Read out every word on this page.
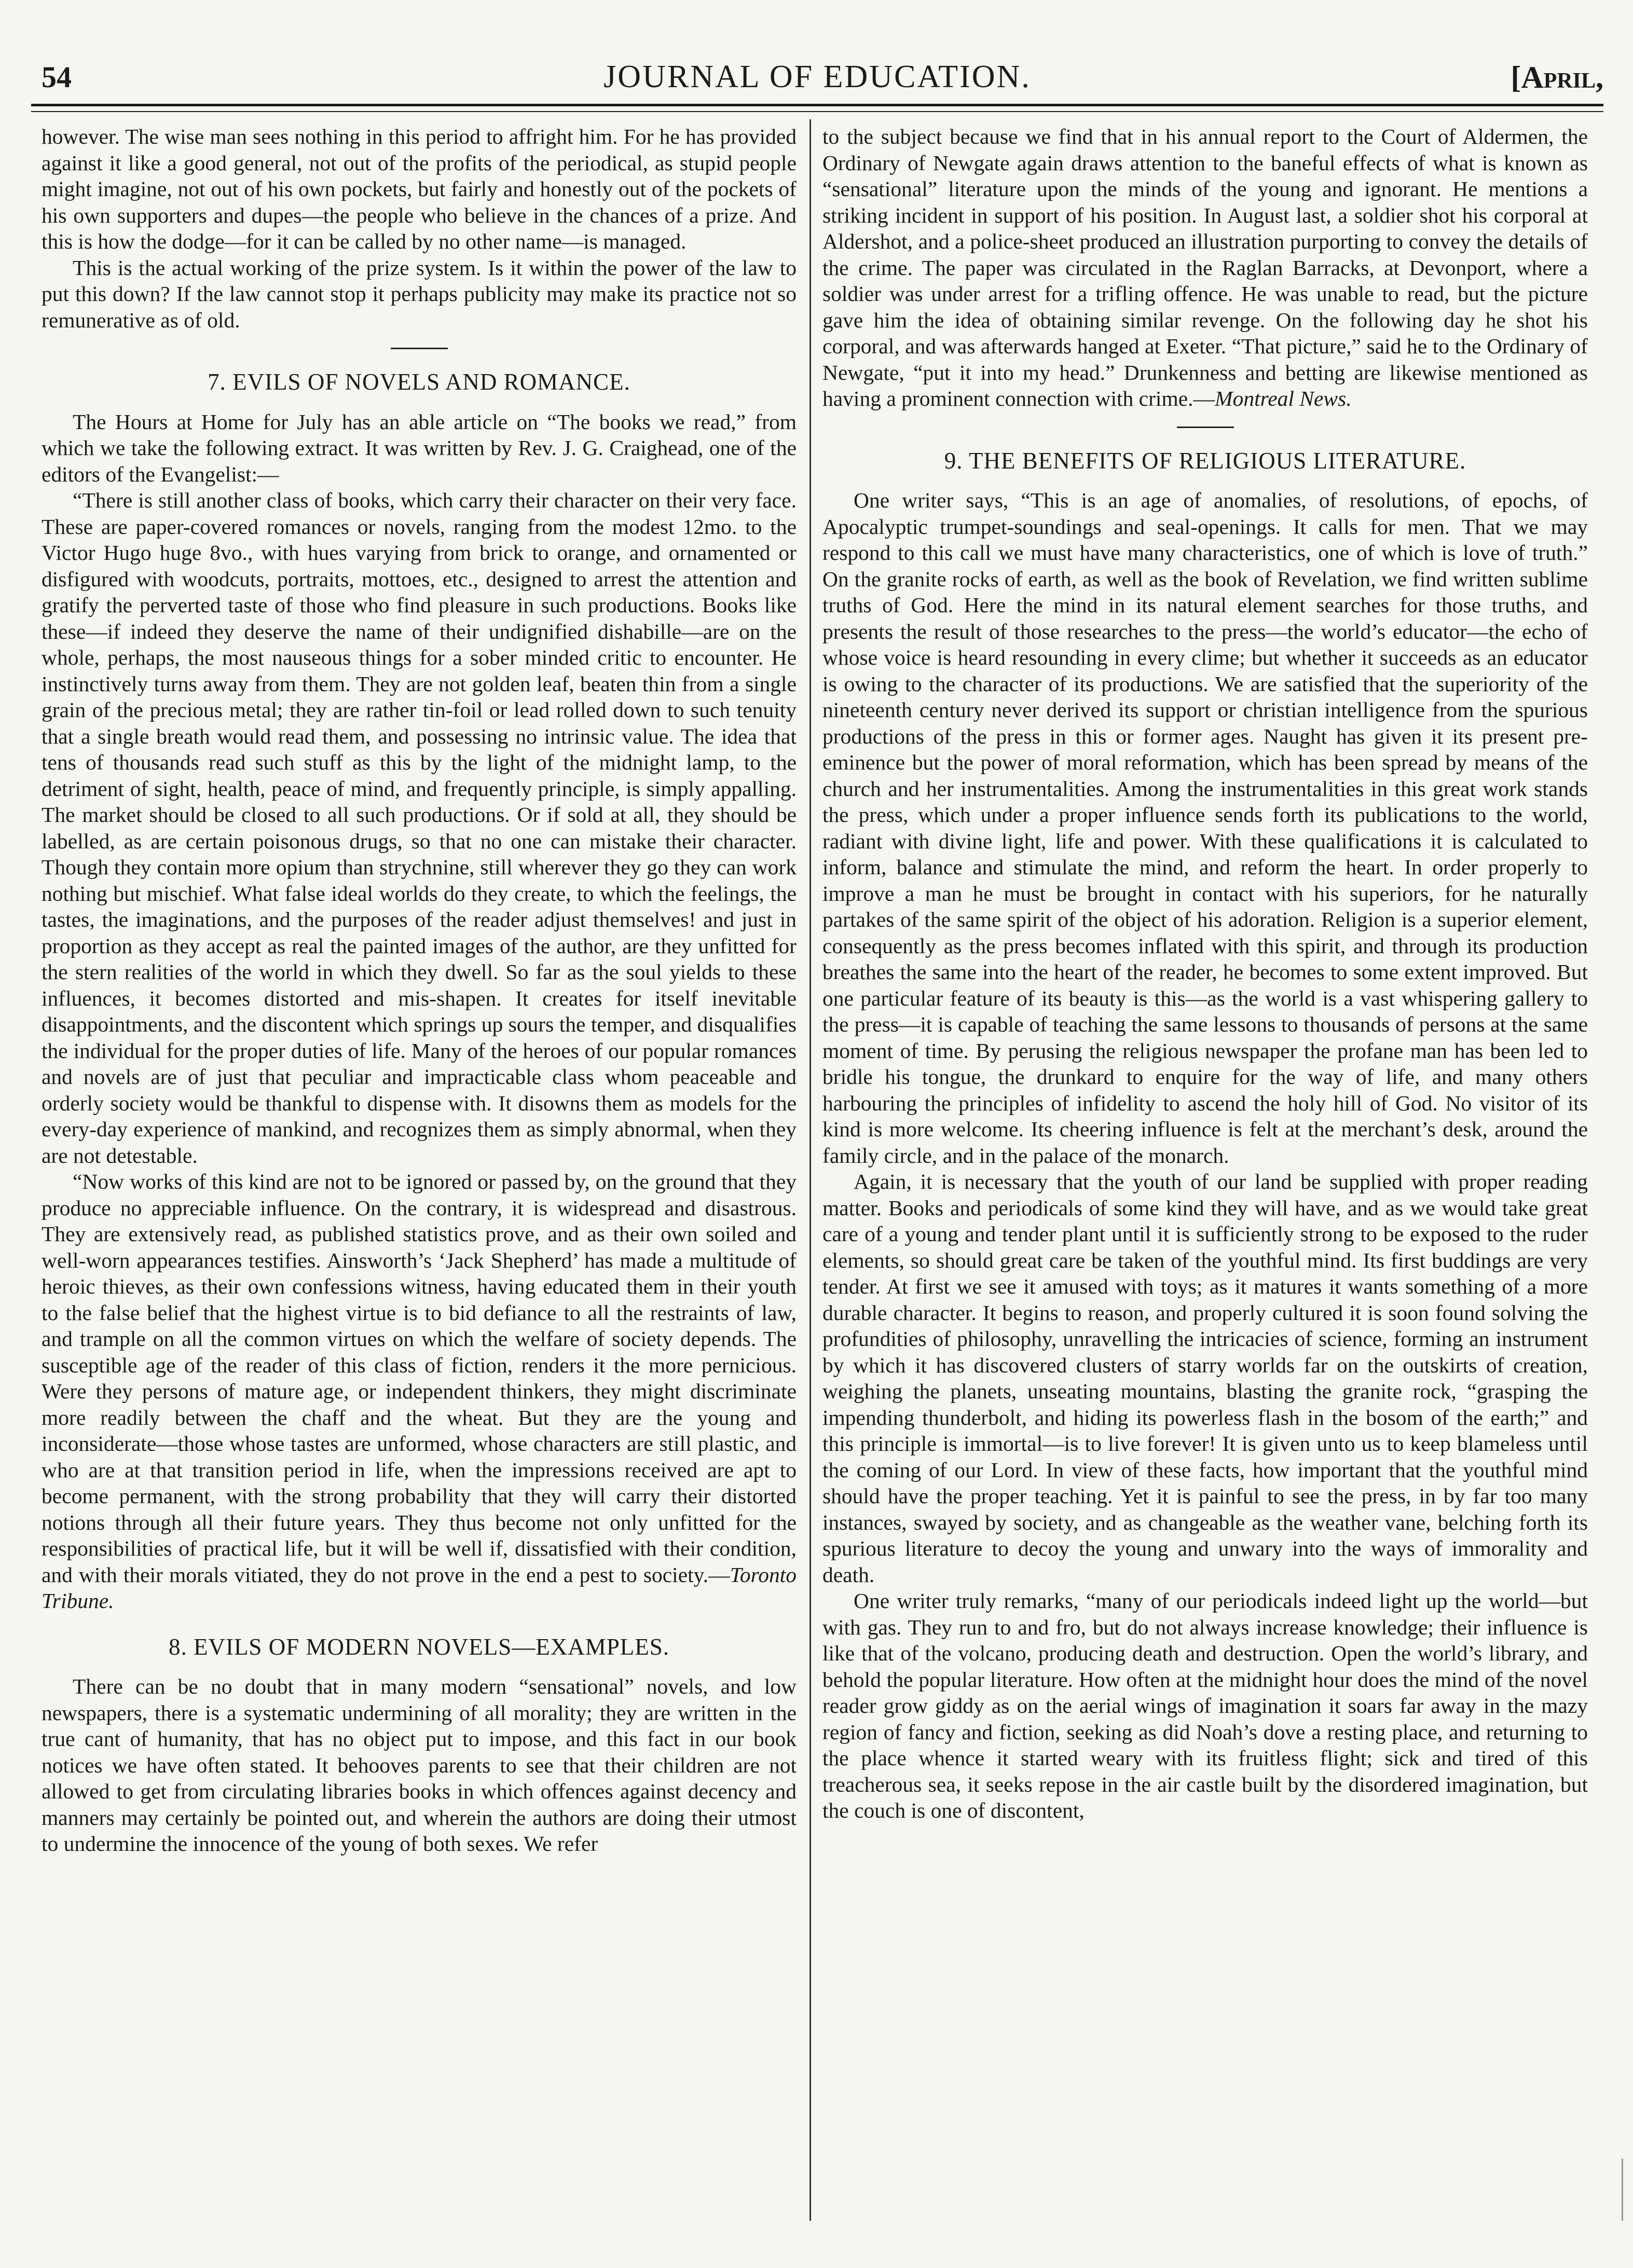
54	JOURNAL OF EDUCATION.	[April,

however. The wise man sees nothing in this period to affright him. For he has provided against it like a good general, not out of the profits of the periodical, as stupid people might imagine, not out of his own pockets, but fairly and honestly out of the pockets of his own supporters and dupes—the people who believe in the chances of a prize. And this is how the dodge—for it can be called by no other name—is managed.

This is the actual working of the prize system. Is it within the power of the law to put this down? If the law cannot stop it perhaps publicity may make its practice not so remunerative as of old.

7. EVILS OF NOVELS AND ROMANCE.

The Hours at Home for July has an able article on “The books we read,” from which we take the following extract. It was written by Rev. J. G. Craighead, one of the editors of the Evangelist:—

“There is still another class of books, which carry their character on their very face. These are paper-covered romances or novels, ranging from the modest 12mo. to the Victor Hugo huge 8vo., with hues varying from brick to orange, and ornamented or disfigured with woodcuts, portraits, mottoes, etc., designed to arrest the attention and gratify the perverted taste of those who find pleasure in such productions. Books like these—if indeed they deserve the name of their undignified dishabille—are on the whole, perhaps, the most nauseous things for a sober minded critic to encounter. He instinctively turns away from them. They are not golden leaf, beaten thin from a single grain of the precious metal; they are rather tin-foil or lead rolled down to such tenuity that a single breath would read them, and possessing no intrinsic value. The idea that tens of thousands read such stuff as this by the light of the midnight lamp, to the detriment of sight, health, peace of mind, and frequently principle, is simply appalling. The market should be closed to all such productions. Or if sold at all, they should be labelled, as are certain poisonous drugs, so that no one can mistake their character. Though they contain more opium than strychnine, still wherever they go they can work nothing but mischief. What false ideal worlds do they create, to which the feelings, the tastes, the imaginations, and the purposes of the reader adjust themselves! and just in proportion as they accept as real the painted images of the author, are they unfitted for the stern realities of the world in which they dwell. So far as the soul yields to these influences, it becomes distorted and mis-shapen. It creates for itself inevitable disappointments, and the discontent which springs up sours the temper, and disqualifies the individual for the proper duties of life. Many of the heroes of our popular romances and novels are of just that peculiar and impracticable class whom peaceable and orderly society would be thankful to dispense with. It disowns them as models for the every-day experience of mankind, and recognizes them as simply abnormal, when they are not detestable.

“Now works of this kind are not to be ignored or passed by, on the ground that they produce no appreciable influence. On the contrary, it is widespread and disastrous. They are extensively read, as published statistics prove, and as their own soiled and well-worn appearances testifies. Ainsworth’s ‘Jack Shepherd’ has made a multitude of heroic thieves, as their own confessions witness, having educated them in their youth to the false belief that the highest virtue is to bid defiance to all the restraints of law, and trample on all the common virtues on which the welfare of society depends. The susceptible age of the reader of this class of fiction, renders it the more pernicious. Were they persons of mature age, or independent thinkers, they might discriminate more readily between the chaff and the wheat. But they are the young and inconsiderate—those whose tastes are unformed, whose characters are still plastic, and who are at that transition period in life, when the impressions received are apt to become permanent, with the strong probability that they will carry their distorted notions through all their future years. They thus become not only unfitted for the responsibilities of practical life, but it will be well if, dissatisfied with their condition, and with their morals vitiated, they do not prove in the end a pest to society.—Toronto Tribune.

8. EVILS OF MODERN NOVELS—EXAMPLES.

There can be no doubt that in many modern “sensational” novels, and low newspapers, there is a systematic undermining of all morality; they are written in the true cant of humanity, that has no object put to impose, and this fact in our book notices we have often stated. It behooves parents to see that their children are not allowed to get from circulating libraries books in which offences against decency and manners may certainly be pointed out, and wherein the authors are doing their utmost to undermine the innocence of the young of both sexes. We refer

to the subject because we find that in his annual report to the Court of Aldermen, the Ordinary of Newgate again draws attention to the baneful effects of what is known as “sensational” literature upon the minds of the young and ignorant. He mentions a striking incident in support of his position. In August last, a soldier shot his corporal at Aldershot, and a police-sheet produced an illustration purporting to convey the details of the crime. The paper was circulated in the Raglan Barracks, at Devonport, where a soldier was under arrest for a trifling offence. He was unable to read, but the picture gave him the idea of obtaining similar revenge. On the following day he shot his corporal, and was afterwards hanged at Exeter. “That picture,” said he to the Ordinary of Newgate, “put it into my head.” Drunkenness and betting are likewise mentioned as having a prominent connection with crime.—Montreal News.

9. THE BENEFITS OF RELIGIOUS LITERATURE.

One writer says, “This is an age of anomalies, of resolutions, of epochs, of Apocalyptic trumpet-soundings and seal-openings. It calls for men. That we may respond to this call we must have many characteristics, one of which is love of truth.” On the granite rocks of earth, as well as the book of Revelation, we find written sublime truths of God. Here the mind in its natural element searches for those truths, and presents the result of those researches to the press—the world’s educator—the echo of whose voice is heard resounding in every clime; but whether it succeeds as an educator is owing to the character of its productions. We are satisfied that the superiority of the nineteenth century never derived its support or christian intelligence from the spurious productions of the press in this or former ages. Naught has given it its present pre-eminence but the power of moral reformation, which has been spread by means of the church and her instrumentalities. Among the instrumentalities in this great work stands the press, which under a proper influence sends forth its publications to the world, radiant with divine light, life and power. With these qualifications it is calculated to inform, balance and stimulate the mind, and reform the heart. In order properly to improve a man he must be brought in contact with his superiors, for he naturally partakes of the same spirit of the object of his adoration. Religion is a superior element, consequently as the press becomes inflated with this spirit, and through its production breathes the same into the heart of the reader, he becomes to some extent improved. But one particular feature of its beauty is this—as the world is a vast whispering gallery to the press—it is capable of teaching the same lessons to thousands of persons at the same moment of time. By perusing the religious newspaper the profane man has been led to bridle his tongue, the drunkard to enquire for the way of life, and many others harbouring the principles of infidelity to ascend the holy hill of God. No visitor of its kind is more welcome. Its cheering influence is felt at the merchant’s desk, around the family circle, and in the palace of the monarch.

Again, it is necessary that the youth of our land be supplied with proper reading matter. Books and periodicals of some kind they will have, and as we would take great care of a young and tender plant until it is sufficiently strong to be exposed to the ruder elements, so should great care be taken of the youthful mind. Its first buddings are very tender. At first we see it amused with toys; as it matures it wants something of a more durable character. It begins to reason, and properly cultured it is soon found solving the profundities of philosophy, unravelling the intricacies of science, forming an instrument by which it has discovered clusters of starry worlds far on the outskirts of creation, weighing the planets, unseating mountains, blasting the granite rock, “grasping the impending thunderbolt, and hiding its powerless flash in the bosom of the earth;” and this principle is immortal—is to live forever! It is given unto us to keep blameless until the coming of our Lord. In view of these facts, how important that the youthful mind should have the proper teaching. Yet it is painful to see the press, in by far too many instances, swayed by society, and as changeable as the weather vane, belching forth its spurious literature to decoy the young and unwary into the ways of immorality and death.

One writer truly remarks, “many of our periodicals indeed light up the world—but with gas. They run to and fro, but do not always increase knowledge; their influence is like that of the volcano, producing death and destruction. Open the world’s library, and behold the popular literature. How often at the midnight hour does the mind of the novel reader grow giddy as on the aerial wings of imagination it soars far away in the mazy region of fancy and fiction, seeking as did Noah’s dove a resting place, and returning to the place whence it started weary with its fruitless flight; sick and tired of this treacherous sea, it seeks repose in the air castle built by the disordered imagination, but the couch is one of discontent,
